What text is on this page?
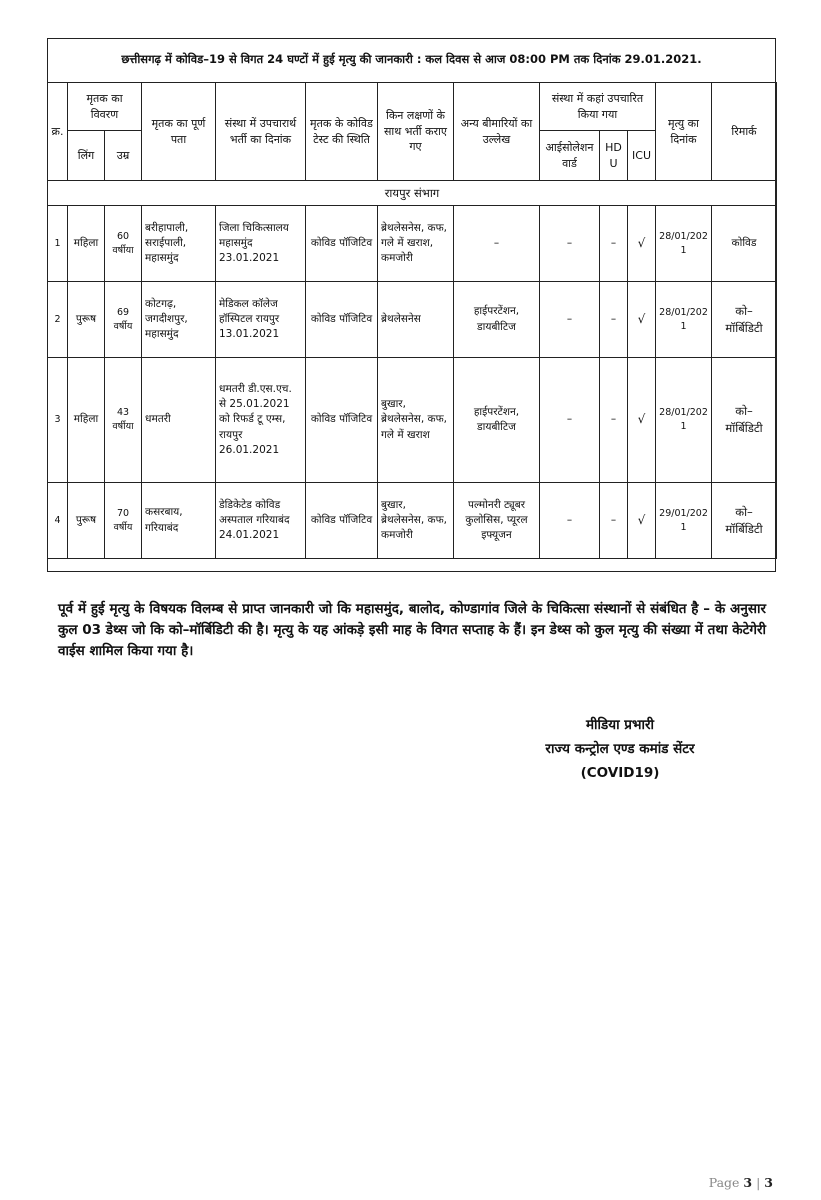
छत्तीसगढ़ में कोविड–19 से विगत 24 घण्टों में हुई मृत्यु की जानकारी : कल दिवस से आज 08:00 PM तक दिनांक 29.01.2021.
क्र.	मृतक का विवरण		मृतक का पूर्ण पता	संस्था में उपचारार्थ भर्ती का दिनांक	मृतक के कोविड टेस्ट की स्थिति	किन लक्षणों के साथ भर्ती कराए गए	अन्य बीमारियों का उल्लेख	संस्था में कहां उपचारित किया गया			मृत्यु का दिनांक	रिमार्क
	लिंग	उम्र						आईसोलेशन वार्ड	HDU	ICU		
रायपुर संभाग												
1	महिला	60 वर्षीया	बरीहापाली, सराईपाली, महासमुंद	जिला चिकित्सालय महासमुंद 23.01.2021	कोविड पॉजिटिव	ब्रेथलेसनेस, कफ, गले में खराश, कमजोरी	–	–	–	√	28/01/2021	कोविड
2	पुरूष	69 वर्षीय	कोटगढ़, जगदीशपुर, महासमुंद	मेडिकल कॉलेज हॉस्पिटल रायपुर 13.01.2021	कोविड पॉजिटिव	ब्रेथलेसनेस	हाईपरटेंशन, डायबीटिज	–	–	√	28/01/2021	को– मॉर्बिडिटी
3	महिला	43 वर्षीया	धमतरी	धमतरी डी.एस.एच. से 25.01.2021 को रिफर्ड टू एम्स, रायपुर 26.01.2021	कोविड पॉजिटिव	बुखार, ब्रेथलेसनेस, कफ, गले में खराश	हाईपरटेंशन, डायबीटिज	–	–	√	28/01/2021	को– मॉर्बिडिटी
4	पुरूष	70 वर्षीय	कसरबाय, गरियाबंद	डेडिकेटेड कोविड अस्पताल गरियाबंद 24.01.2021	कोविड पॉजिटिव	बुखार, ब्रेथलेसनेस, कफ, कमजोरी	पल्मोनरी ट्यूबर कुलोसिस, प्यूरल इफ्यूजन	–	–	√	29/01/2021	को– मॉर्बिडिटी

पूर्व में हुई मृत्यु के विषयक विलम्ब से प्राप्त जानकारी जो कि महासमुंद, बालोद, कोण्डागांव जिले के चिकित्सा संस्थानों से संबंधित है – के अनुसार कुल 03 डेथ्स जो कि को–मॉर्बिडिटी की है। मृत्यु के यह आंकड़े इसी माह के विगत सप्ताह के हैं। इन डेथ्स को कुल मृत्यु की संख्या में तथा केटेगेरी वाईस शामिल किया गया है।

मीडिया प्रभारी
राज्य कन्ट्रोल एण्ड कमांड सेंटर
(COVID19)
Page 3 | 3
